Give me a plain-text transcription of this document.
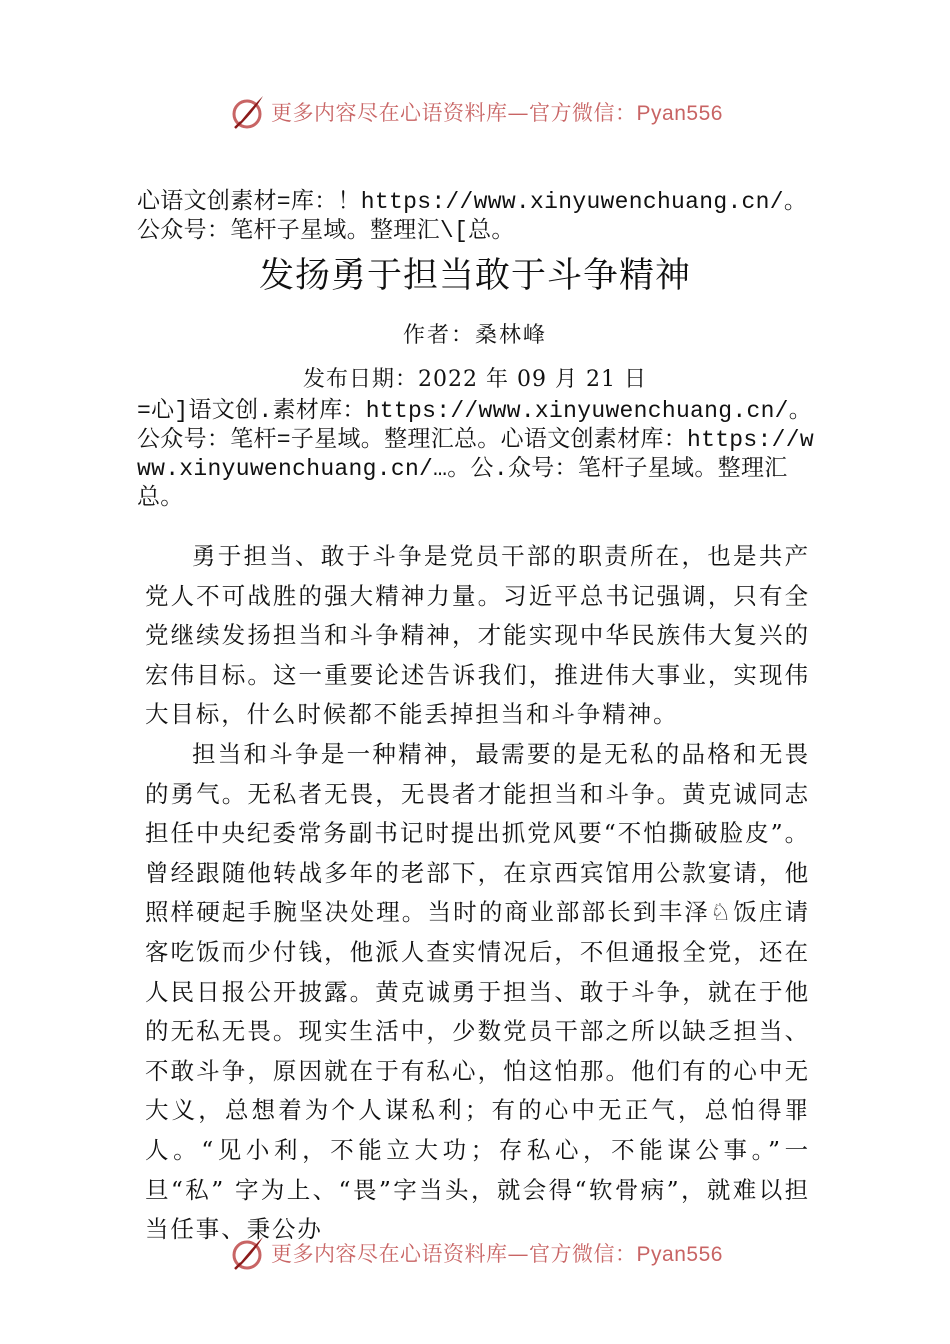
更多内容尽在心语资料库—官方微信：Pyan556
心语文创素材=库：！https://www.xinyuwenchuang.cn/。公众号：笔杆子星域。整理汇\[总。
发扬勇于担当敢于斗争精神
作者：桑林峰
发布日期：2022 年 09 月 21 日
=心]语文创.素材库：https://www.xinyuwenchuang.cn/。公众号：笔杆=子星域。整理汇总。心语文创素材库：https://www.xinyuwenchuang.cn/…。公.众号：笔杆子星域。整理汇总。

勇于担当、敢于斗争是党员干部的职责所在，也是共产党人不可战胜的强大精神力量。习近平总书记强调，只有全党继续发扬担当和斗争精神，才能实现中华民族伟大复兴的宏伟目标。这一重要论述告诉我们，推进伟大事业，实现伟大目标，什么时候都不能丢掉担当和斗争精神。

担当和斗争是一种精神，最需要的是无私的品格和无畏的勇气。无私者无畏，无畏者才能担当和斗争。黄克诚同志担任中央纪委常务副书记时提出抓党风要“不怕撕破脸皮”。曾经跟随他转战多年的老部下，在京西宾馆用公款宴请，他照样硬起手腕坚决处理。当时的商业部部长到丰泽♘饭庄请客吃饭而少付钱，他派人查实情况后，不但通报全党，还在人民日报公开披露。黄克诚勇于担当、敢于斗争，就在于他的无私无畏。现实生活中，少数党员干部之所以缺乏担当、 不敢斗争，原因就在于有私心，怕这怕那。他们有的心中无大义，总想着为个人谋私利；有的心中无正气，总怕得罪人。“见小利，不能立大功；存私心，不能谋公事。”一旦“私” 字为上、“畏”字当头，就会得“软骨病”，就难以担当任事、秉公办

更多内容尽在心语资料库—官方微信：Pyan556
